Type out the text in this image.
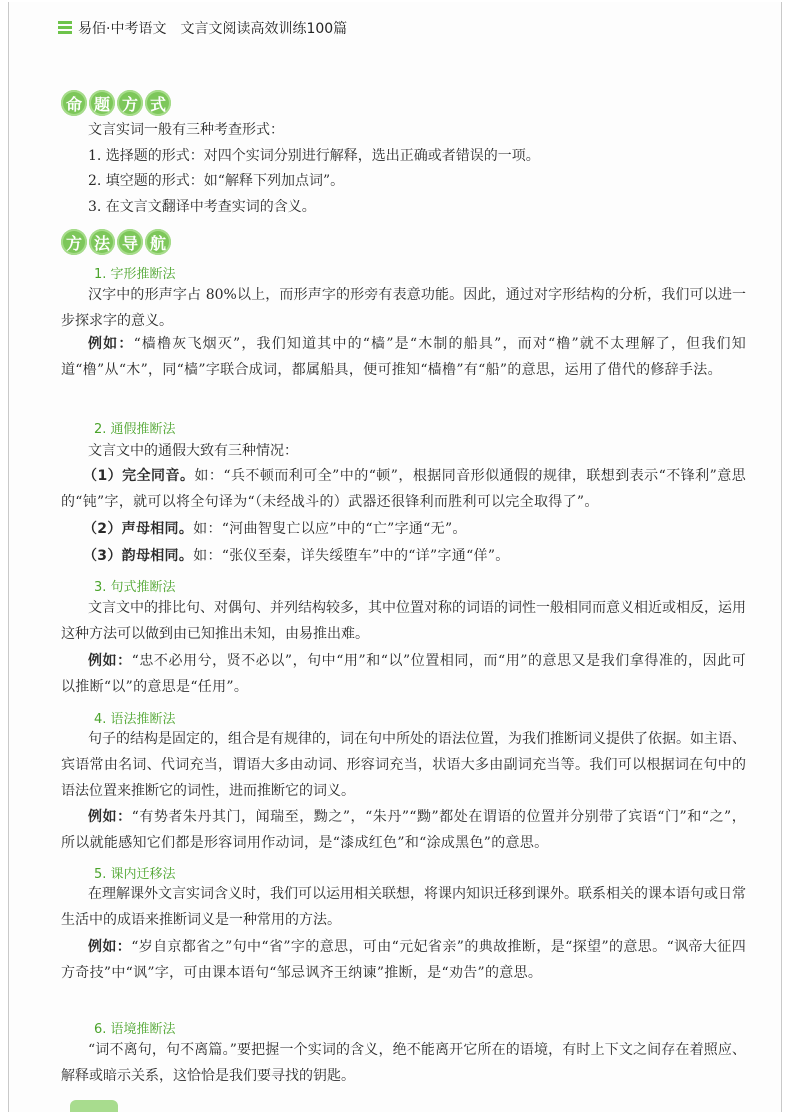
易佰·中考语文 文言文阅读高效训练100篇
命 题 方 式
文言实词一般有三种考查形式：
1. 选择题的形式：对四个实词分别进行解释，选出正确或者错误的一项。
2. 填空题的形式：如“解释下列加点词”。
3. 在文言文翻译中考查实词的含义。
方 法 导 航
1. 字形推断法

汉字中的形声字占 80%以上，而形声字的形旁有表意功能。因此，通过对字形结构的分析，我们可以进一步探求字的意义。

例如：“樯橹灰飞烟灭”，我们知道其中的“樯”是“木制的船具”，而对“橹”就不太理解了，但我们知道“橹”从“木”，同“樯”字联合成词，都属船具，便可推知“樯橹”有“船”的意思，运用了借代的修辞手法。

2. 通假推断法
文言文中的通假大致有三种情况：

（1）完全同音。如：“兵不顿而利可全”中的“顿”，根据同音形似通假的规律，联想到表示“不锋利”意思的“钝”字，就可以将全句译为“（未经战斗的）武器还很锋利而胜利可以完全取得了”。

（2）声母相同。如：“河曲智叟亡以应”中的“亡”字通“无”。

（3）韵母相同。如：“张仪至秦，详失绥堕车”中的“详”字通“佯”。

3. 句式推断法

文言文中的排比句、对偶句、并列结构较多，其中位置对称的词语的词性一般相同而意义相近或相反，运用这种方法可以做到由已知推出未知，由易推出难。

例如：“忠不必用兮，贤不必以”，句中“用”和“以”位置相同，而“用”的意思又是我们拿得准的，因此可以推断“以”的意思是“任用”。

4. 语法推断法

句子的结构是固定的，组合是有规律的，词在句中所处的语法位置，为我们推断词义提供了依据。如主语、宾语常由名词、代词充当，谓语大多由动词、形容词充当，状语大多由副词充当等。我们可以根据词在句中的语法位置来推断它的词性，进而推断它的词义。

例如：“有势者朱丹其门，闻瑞至，黝之”，“朱丹”“黝”都处在谓语的位置并分别带了宾语“门”和“之”，所以就能感知它们都是形容词用作动词，是“漆成红色”和“涂成黑色”的意思。

5. 课内迁移法

在理解课外文言实词含义时，我们可以运用相关联想，将课内知识迁移到课外。联系相关的课本语句或日常生活中的成语来推断词义是一种常用的方法。

例如：“岁自京都省之”句中“省”字的意思，可由“元妃省亲”的典故推断，是“探望”的意思。“讽帝大征四方奇技”中“讽”字，可由课本语句“邹忌讽齐王纳谏”推断，是“劝告”的意思。

6. 语境推断法

“词不离句，句不离篇。”要把握一个实词的含义，绝不能离开它所在的语境，有时上下文之间存在着照应、解释或暗示关系，这恰恰是我们要寻找的钥匙。
